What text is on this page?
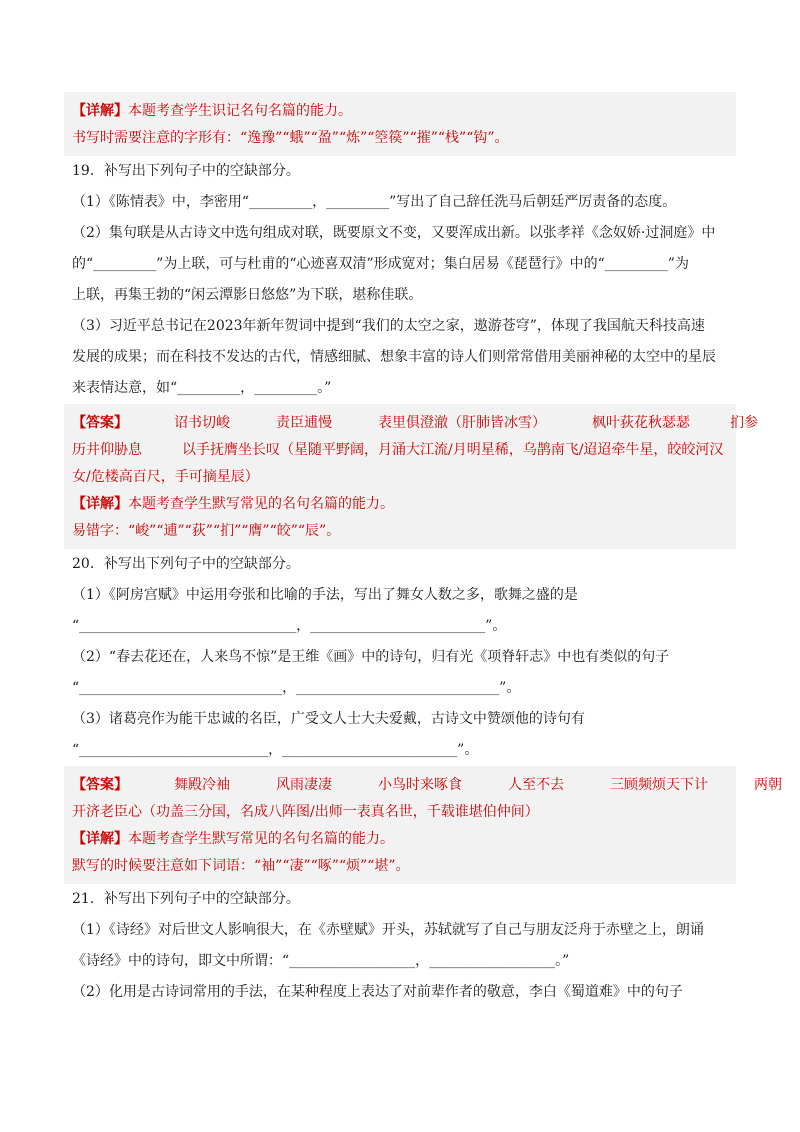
【详解】本题考查学生识记名句名篇的能力。
书写时需要注意的字形有：“逸豫”“蛾”“盈”“炼”“箜篌”“摧”“栈”“钩”。
19．补写出下列句子中的空缺部分。
（1）《陈情表》中，李密用“_________，_________”写出了自己辞任洗马后朝廷严厉责备的态度。
（2）集句联是从古诗文中选句组成对联，既要原文不变，又要浑成出新。以张孝祥《念奴娇·过洞庭》中
的“_________”为上联，可与杜甫的“心迹喜双清”形成宽对；集白居易《琵琶行》中的“_________”为
上联，再集王勃的“闲云潭影日悠悠”为下联，堪称佳联。
（3）习近平总书记在2023年新年贺词中提到“我们的太空之家，遨游苍穹”，体现了我国航天科技高速
发展的成果；而在科技不发达的古代，情感细腻、想象丰富的诗人们则常常借用美丽神秘的太空中的星辰
来表情达意，如“_________，_________。”
【答案】	诏书切峻	责臣逋慢	表里俱澄澈（肝肺皆冰雪）	枫叶荻花秋瑟瑟	扪参
历井仰胁息	以手抚膺坐长叹（星随平野阔，月涌大江流/月明星稀，乌鹊南飞/迢迢牵牛星，皎皎河汉
女/危楼高百尺，手可摘星辰）
【详解】本题考查学生默写常见的名句名篇的能力。
易错字：“峻”“逋”“荻”“扪”“膺”“皎”“辰”。
20．补写出下列句子中的空缺部分。
（1）《阿房宫赋》中运用夸张和比喻的手法，写出了舞女人数之多，歌舞之盛的是
“_______________________________，_________________________”。
（2）“春去花还在，人来鸟不惊”是王维《画》中的诗句，归有光《项脊轩志》中也有类似的句子
“_____________________________，_____________________________”。
（3）诸葛亮作为能干忠诚的名臣，广受文人士大夫爱戴，古诗文中赞颂他的诗句有
“___________________________，_________________________”。
【答案】	舞殿冷袖	风雨凄凄	小鸟时来啄食	人至不去	三顾频烦天下计	两朝
开济老臣心（功盖三分国，名成八阵图/出师一表真名世，千载谁堪伯仲间）
【详解】本题考查学生默写常见的名句名篇的能力。
默写的时候要注意如下词语：“袖”“凄”“啄”“烦”“堪”。
21．补写出下列句子中的空缺部分。
（1）《诗经》对后世文人影响很大，在《赤壁赋》开头，苏轼就写了自己与朋友泛舟于赤壁之上，朗诵
《诗经》中的诗句，即文中所谓：“__________________，__________________。”
（2）化用是古诗词常用的手法，在某种程度上表达了对前辈作者的敬意，李白《蜀道难》中的句子
